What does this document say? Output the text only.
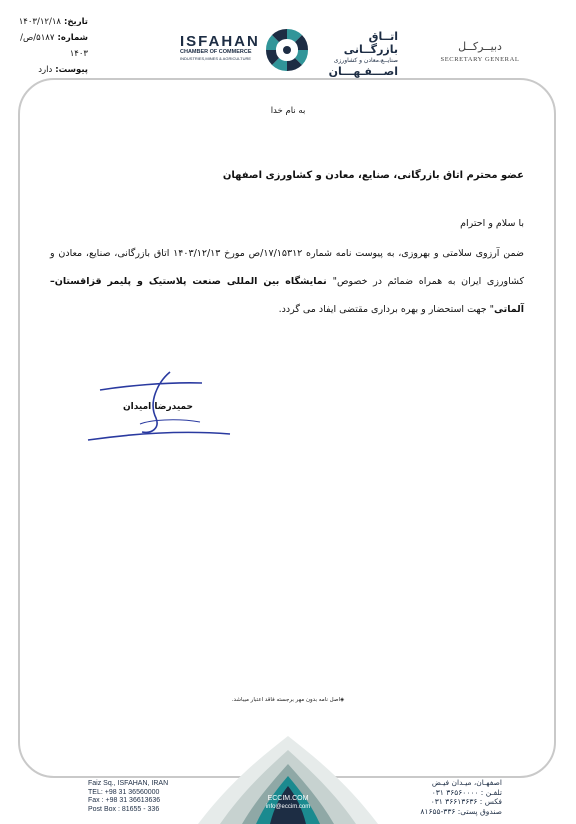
تاریخ:۱۴۰۳/۱۲/۱۸
شماره:۵۱۸۷/ص/۱۴۰۳
پیوست:دارد
ISFAHAN
CHAMBER OF COMMERCE
INDUSTRIES,MINES & AGRICULTURE
اتــاق بازرگــانی
صنایــع،معادن و کشاورزی
اصـــفـهـــان
دبیــرکــل
SECRETARY GENERAL
به نام خدا
عضو محترم اتاق بازرگانی، صنایع، معادن و کشاورزی اصفهان
با سلام و احترام
ضمن آرزوی سلامتی و بهروزی، به پیوست نامه شماره ۱۷/۱۵۳۱۲/ص مورخ ۱۴۰۳/۱۲/۱۳ اتاق بازرگانی، صنایع، معادن و کشاورزی ایران به همراه ضمائم در خصوص" نمایشگاه بین المللی صنعت پلاستیک و پلیمر قزاقستان– آلماتی" جهت استحضار و بهره برداری مقتضی ایفاد می گردد.
حمیدرضا امیدان
◈اصل نامه بدون مهر برجسته فاقد اعتبار میباشد.
ECCIM.COM
info@eccim.com
Faiz Sq., ISFAHAN, IRAN
TEL: +98 31 36560000
Fax : +98 31 36613636
Post Box : 81655 - 336
اصفهـان، میـدان فیـض
تلفـن : ۳۶۵۶۰۰۰۰ ۰۳۱
فکس : ۳۶۶۱۳۶۳۶ ۰۳۱
صندوق پستی: ۳۳۶-۸۱۶۵۵
